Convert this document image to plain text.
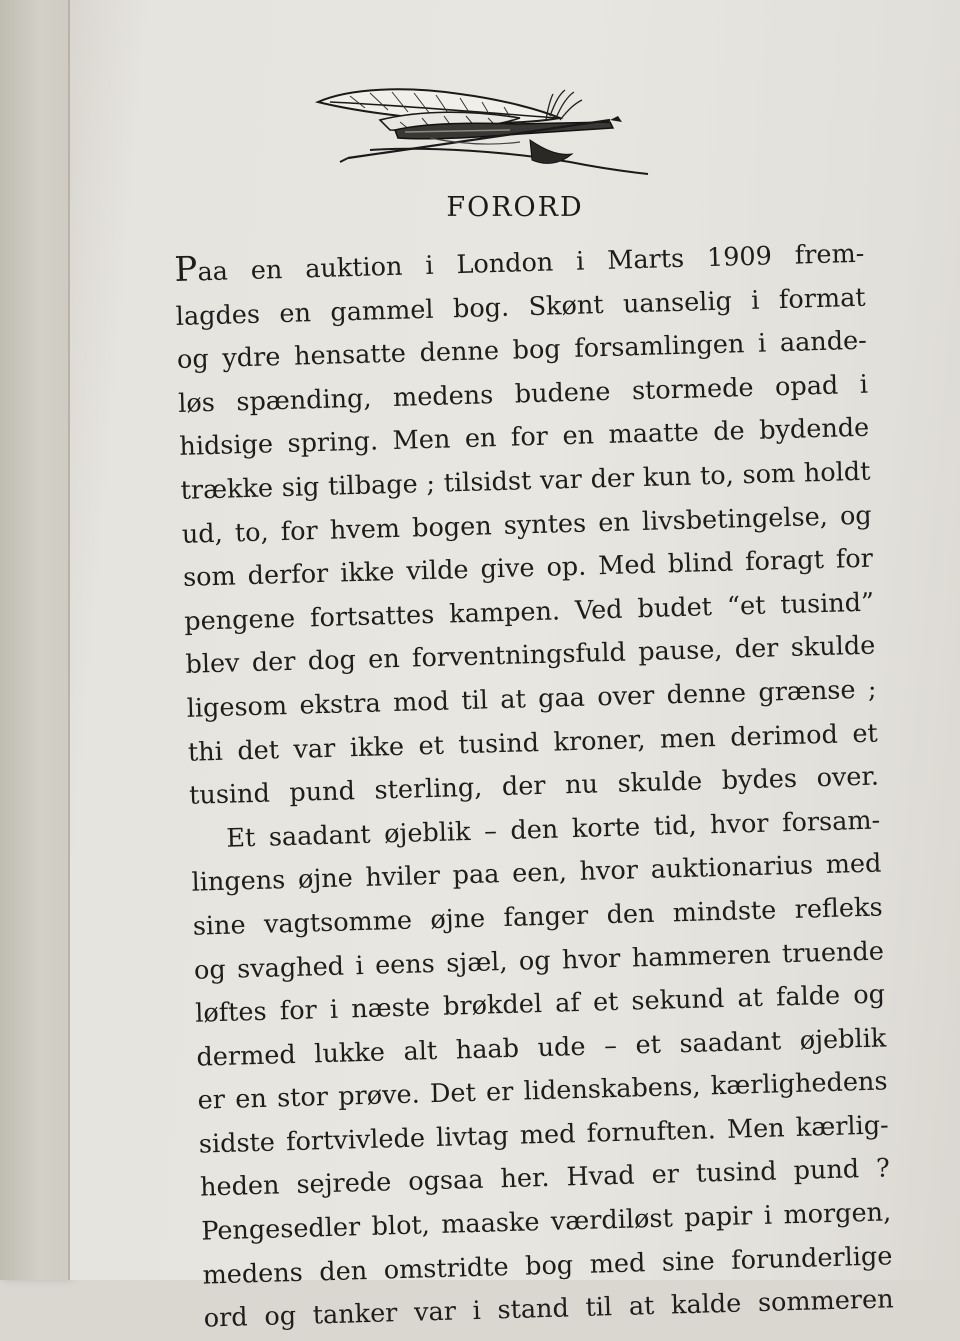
FORORD
Paa en auktion i London i Marts 1909 frem-
lagdes en gammel bog. Skønt uanselig i format
og ydre hensatte denne bog forsamlingen i aande-
løs spænding, medens budene stormede opad i
hidsige spring. Men en for en maatte de bydende
trække sig tilbage ; tilsidst var der kun to, som holdt
ud, to, for hvem bogen syntes en livsbetingelse, og
som derfor ikke vilde give op. Med blind foragt for
pengene fortsattes kampen. Ved budet “et tusind”
blev der dog en forventningsfuld pause, der skulde
ligesom ekstra mod til at gaa over denne grænse ;
thi det var ikke et tusind kroner, men derimod et
tusind pund sterling, der nu skulde bydes over.
Et saadant øjeblik – den korte tid, hvor forsam-
lingens øjne hviler paa een, hvor auktionarius med
sine vagtsomme øjne fanger den mindste refleks
og svaghed i eens sjæl, og hvor hammeren truende
løftes for i næste brøkdel af et sekund at falde og
dermed lukke alt haab ude – et saadant øjeblik
er en stor prøve. Det er lidenskabens, kærlighedens
sidste fortvivlede livtag med fornuften. Men kærlig-
heden sejrede ogsaa her. Hvad er tusind pund ?
Pengesedler blot, maaske værdiløst papir i morgen,
medens den omstridte bog med sine forunderlige
ord og tanker var i stand til at kalde sommeren
